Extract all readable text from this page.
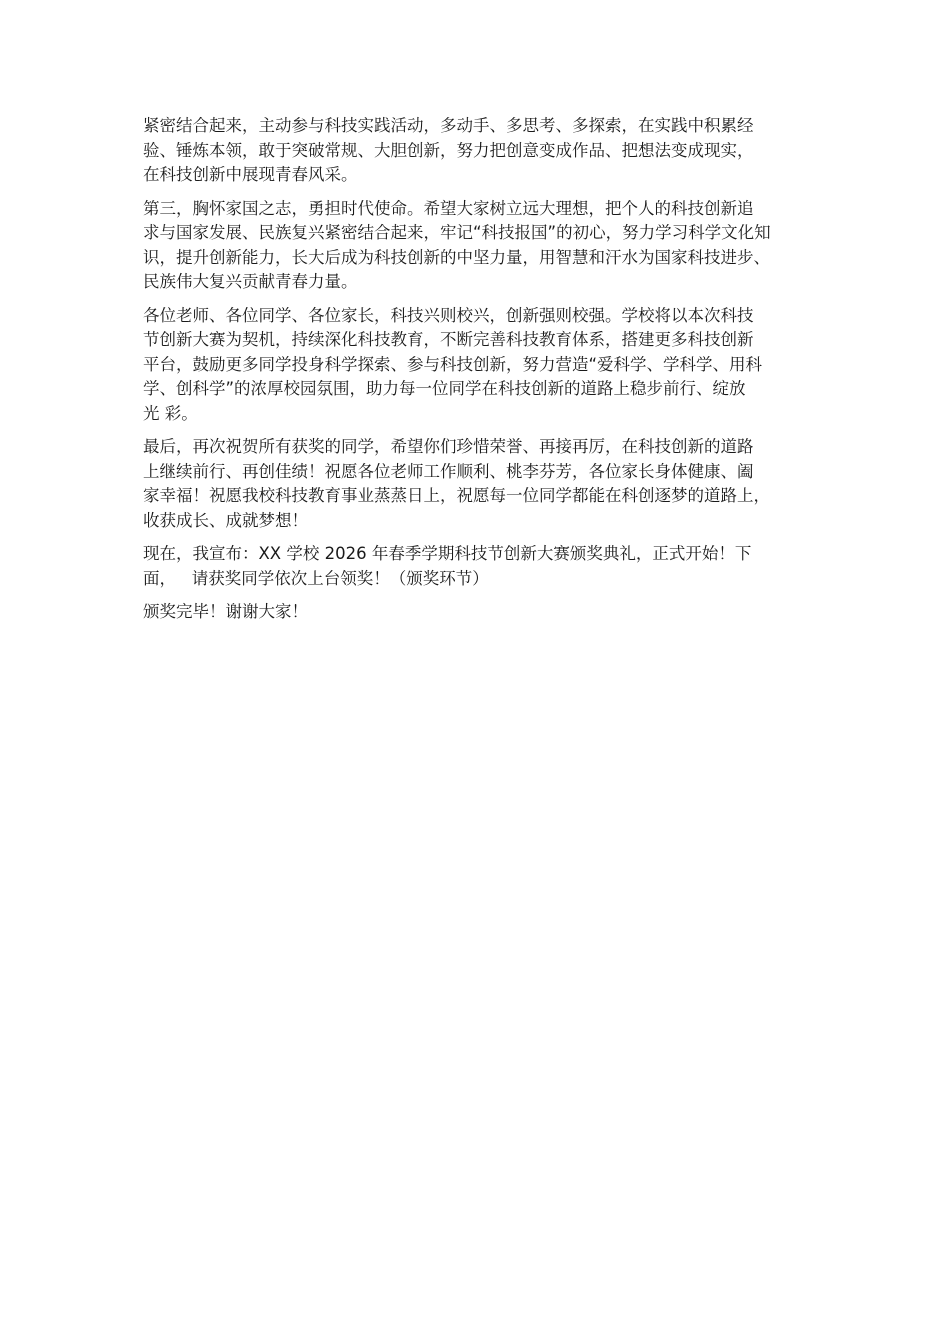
紧密结合起来，主动参与科技实践活动，多动手、多思考、多探索，在实践中积累经
验、锤炼本领，敢于突破常规、大胆创新，努力把创意变成作品、把想法变成现实，
在科技创新中展现青春风采。

第三，胸怀家国之志，勇担时代使命。希望大家树立远大理想，把个人的科技创新追
求与国家发展、民族复兴紧密结合起来，牢记“科技报国”的初心，努力学习科学文化知
识，提升创新能力，长大后成为科技创新的中坚力量，用智慧和汗水为国家科技进步、
民族伟大复兴贡献青春力量。

各位老师、各位同学、各位家长，科技兴则校兴，创新强则校强。学校将以本次科技
节创新大赛为契机，持续深化科技教育，不断完善科技教育体系，搭建更多科技创新
平台，鼓励更多同学投身科学探索、参与科技创新，努力营造“爱科学、学科学、用科
学、创科学”的浓厚校园氛围，助力每一位同学在科技创新的道路上稳步前行、绽放
光 彩。

最后，再次祝贺所有获奖的同学，希望你们珍惜荣誉、再接再厉，在科技创新的道路
上继续前行、再创佳绩！祝愿各位老师工作顺利、桃李芬芳，各位家长身体健康、阖
家幸福！祝愿我校科技教育事业蒸蒸日上，祝愿每一位同学都能在科创逐梦的道路上，
收获成长、成就梦想！

现在，我宣布：XX 学校 2026 年春季学期科技节创新大赛颁奖典礼，正式开始！下
面，   请获奖同学依次上台领奖！（颁奖环节）

颁奖完毕！谢谢大家！
